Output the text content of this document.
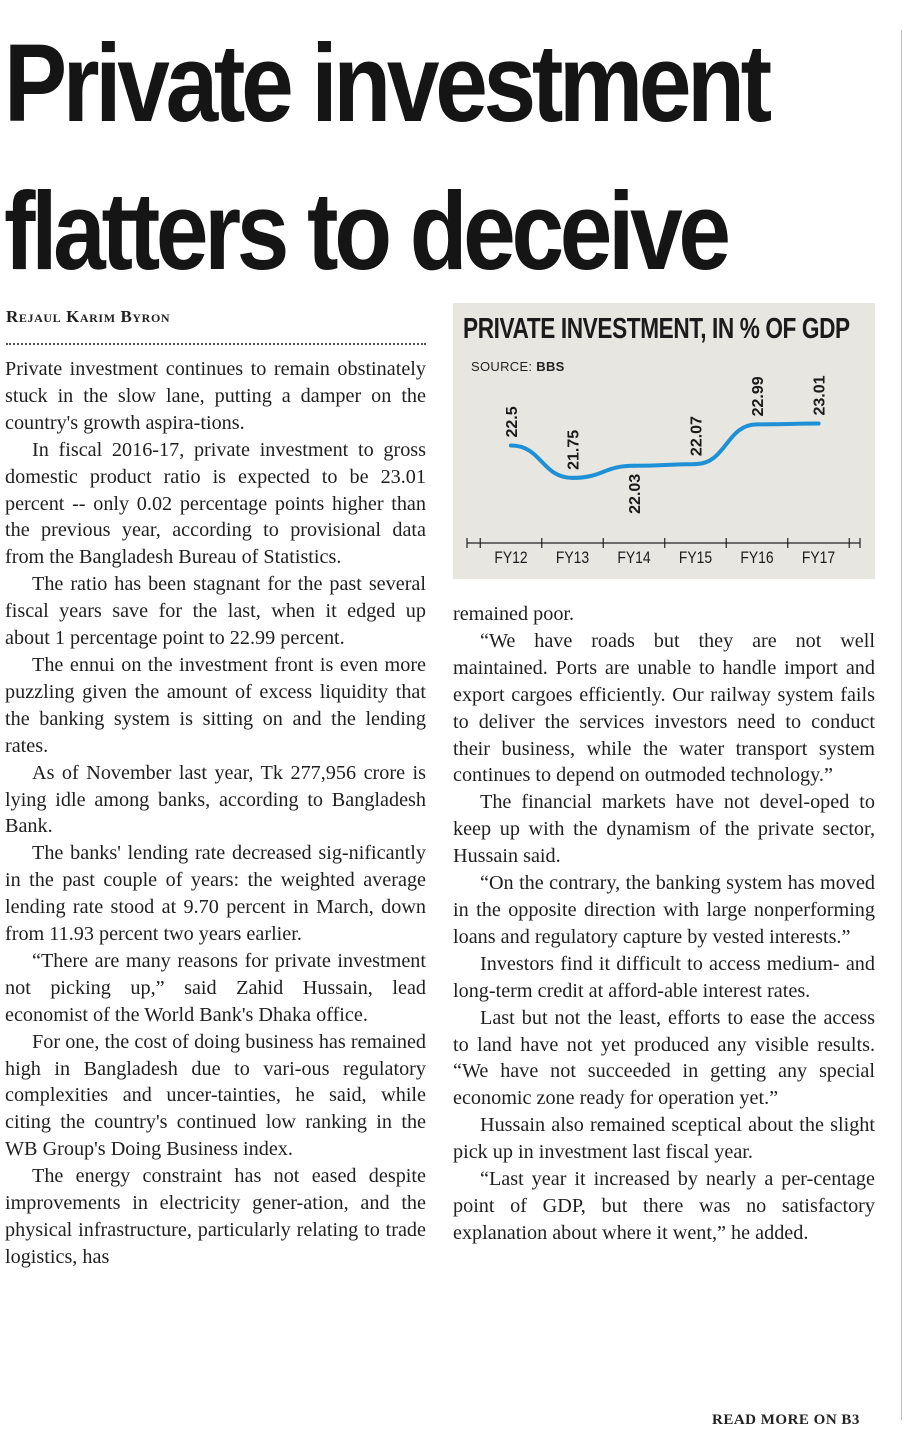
Private investment
flatters to deceive
Rejaul Karim Byron

Private investment continues to remain obstinately stuck in the slow lane, putting a damper on the country's growth aspira-tions.

In fiscal 2016-17, private investment to gross domestic product ratio is expected to be 23.01 percent -- only 0.02 percentage points higher than the previous year, according to provisional data from the Bangladesh Bureau of Statistics.

The ratio has been stagnant for the past several fiscal years save for the last, when it edged up about 1 percentage point to 22.99 percent.

The ennui on the investment front is even more puzzling given the amount of excess liquidity that the banking system is sitting on and the lending rates.

As of November last year, Tk 277,956 crore is lying idle among banks, according to Bangladesh Bank.

The banks' lending rate decreased sig-nificantly in the past couple of years: the weighted average lending rate stood at 9.70 percent in March, down from 11.93 percent two years earlier.

“There are many reasons for private investment not picking up,” said Zahid Hussain, lead economist of the World Bank's Dhaka office.

For one, the cost of doing business has remained high in Bangladesh due to vari-ous regulatory complexities and uncer-tainties, he said, while citing the country's continued low ranking in the WB Group's Doing Business index.

The energy constraint has not eased despite improvements in electricity gener-ation, and the physical infrastructure, particularly relating to trade logistics, has

PRIVATE INVESTMENT, IN % OF GDP
SOURCE: BBS
FY12 FY13 FY14 FY15 FY16 FY17
22.5
21.75
22.03
22.07
22.99	23.01

remained poor.

“We have roads but they are not well maintained. Ports are unable to handle import and export cargoes efficiently. Our railway system fails to deliver the services investors need to conduct their business, while the water transport system continues to depend on outmoded technology.”

The financial markets have not devel-oped to keep up with the dynamism of the private sector, Hussain said.

“On the contrary, the banking system has moved in the opposite direction with large nonperforming loans and regulatory capture by vested interests.”

Investors find it difficult to access medium- and long-term credit at afford-able interest rates.

Last but not the least, efforts to ease the access to land have not yet produced any visible results. “We have not succeeded in getting any special economic zone ready for operation yet.”

Hussain also remained sceptical about the slight pick up in investment last fiscal year.

“Last year it increased by nearly a per-centage point of GDP, but there was no satisfactory explanation about where it went,” he added.

READ MORE ON B3
